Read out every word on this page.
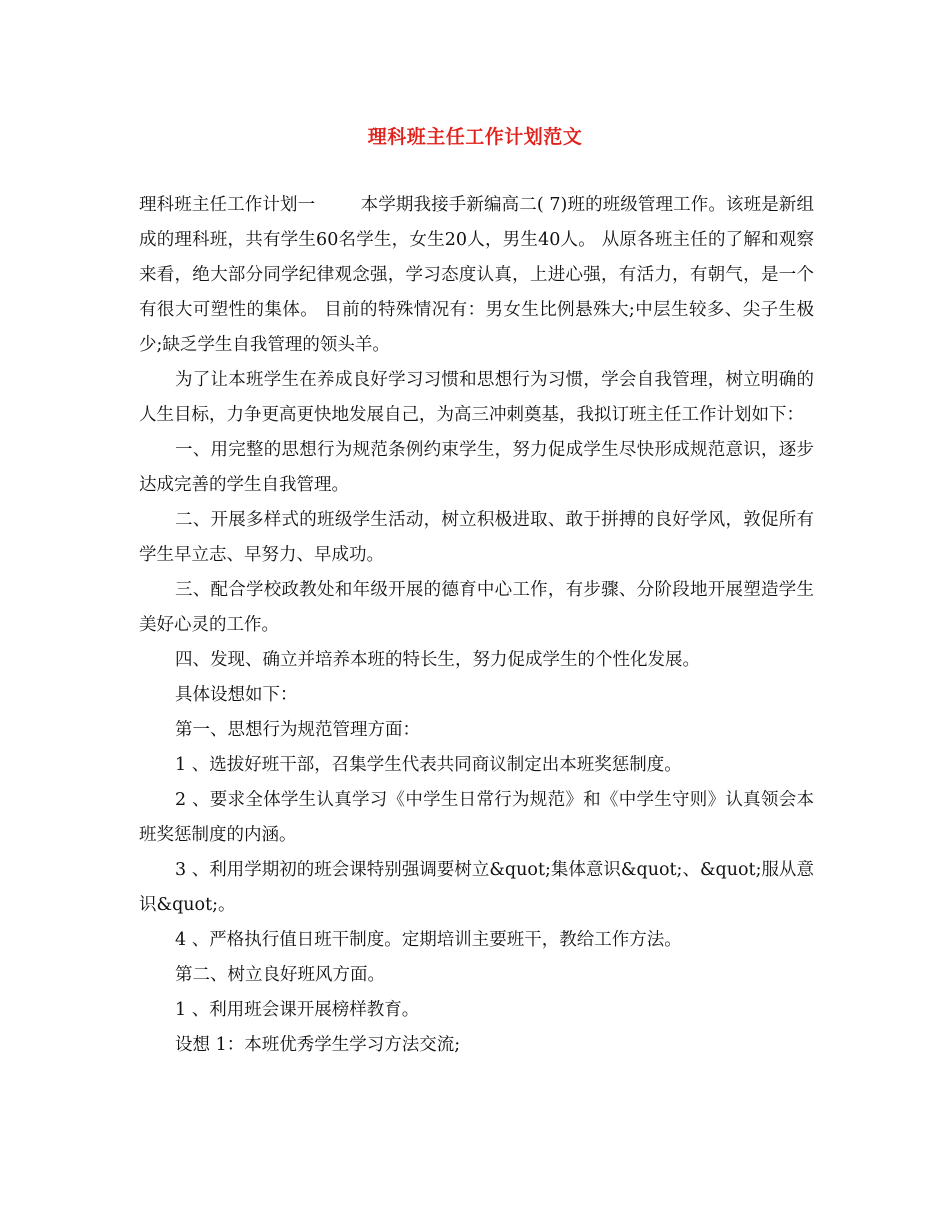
理科班主任工作计划范文

理科班主任工作计划一	本学期我接手新编高二( 7)班的班级管理工作。该班是新组成的理科班，共有学生60名学生，女生20人，男生40人。 从原各班主任的了解和观察来看，绝大部分同学纪律观念强，学习态度认真，上进心强，有活力，有朝气，是一个有很大可塑性的集体。 目前的特殊情况有：男女生比例悬殊大;中层生较多、尖子生极少;缺乏学生自我管理的领头羊。

为了让本班学生在养成良好学习习惯和思想行为习惯，学会自我管理，树立明确的人生目标，力争更高更快地发展自己，为高三冲刺奠基，我拟订班主任工作计划如下：

一、用完整的思想行为规范条例约束学生，努力促成学生尽快形成规范意识，逐步达成完善的学生自我管理。

二、开展多样式的班级学生活动，树立积极进取、敢于拼搏的良好学风，敦促所有学生早立志、早努力、早成功。

三、配合学校政教处和年级开展的德育中心工作，有步骤、分阶段地开展塑造学生美好心灵的工作。

四、发现、确立并培养本班的特长生，努力促成学生的个性化发展。

具体设想如下：

第一、思想行为规范管理方面：

1 、选拔好班干部，召集学生代表共同商议制定出本班奖惩制度。

2 、要求全体学生认真学习《中学生日常行为规范》和《中学生守则》认真领会本班奖惩制度的内涵。

3 、利用学期初的班会课特别强调要树立&quot;集体意识&quot;、&quot;服从意识&quot;。

4 、严格执行值日班干制度。定期培训主要班干，教给工作方法。

第二、树立良好班风方面。

1 、利用班会课开展榜样教育。

设想 1：本班优秀学生学习方法交流;
